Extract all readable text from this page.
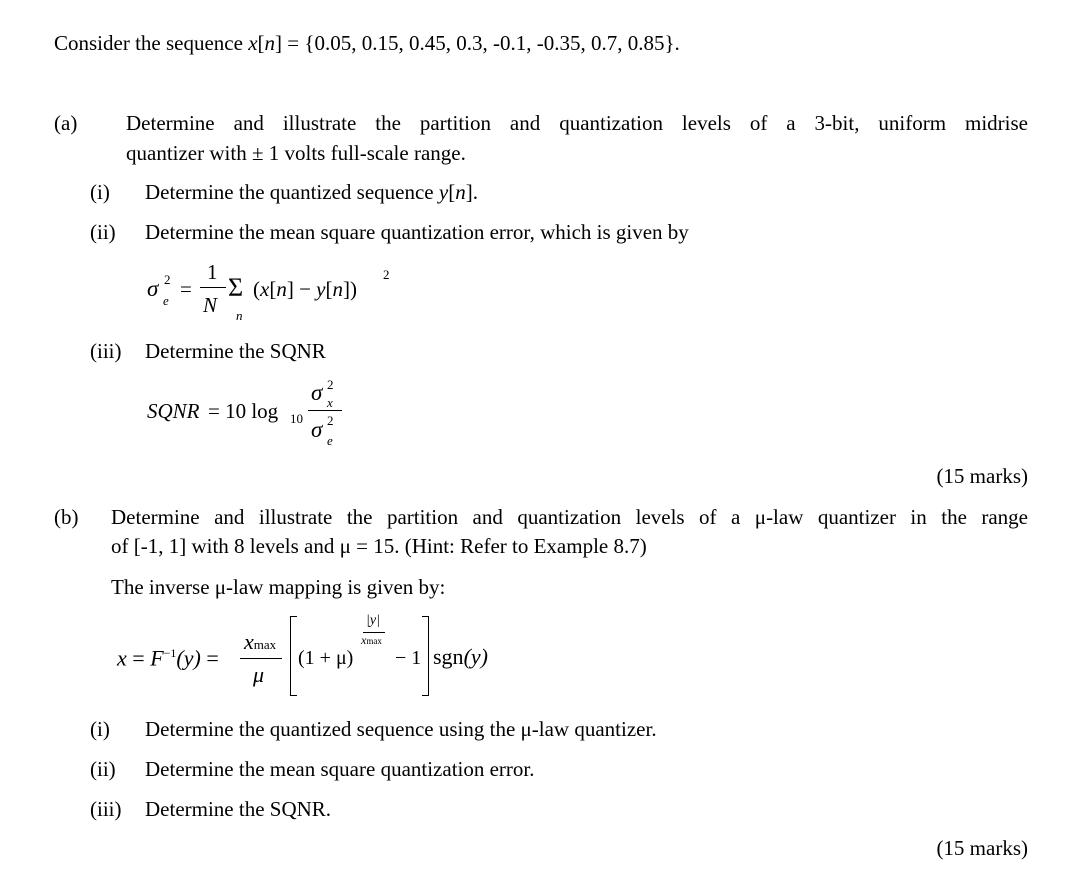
Consider the sequence x[n] = {0.05, 0.15, 0.45, 0.3, -0.1, -0.35, 0.7, 0.85}.
(a) Determine and illustrate the partition and quantization levels of a 3-bit, uniform midrise
quantizer with ± 1 volts full-scale range.
(i) Determine the quantized sequence y[n].
(ii) Determine the mean square quantization error, which is given by
σ e
2 =
1
N
Σ
n
(x[n] − y[n])
2
(iii) Determine the SQNR
SQNR = 10 log 10
σ 2
x
σ 2
e
(15 marks)
(b) Determine and illustrate the partition and quantization levels of a μ-law quantizer in the range
of [-1, 1] with 8 levels and μ = 15. (Hint: Refer to Example 8.7)
The inverse μ-law mapping is given by:
$x = F^{-1}(y)$ =
xmax
μ
(1 + μ)
|y|
xmax
− 1 sgn(y)
(i) Determine the quantized sequence using the μ-law quantizer.
(ii) Determine the mean square quantization error.
(iii) Determine the SQNR.
(15 marks)
